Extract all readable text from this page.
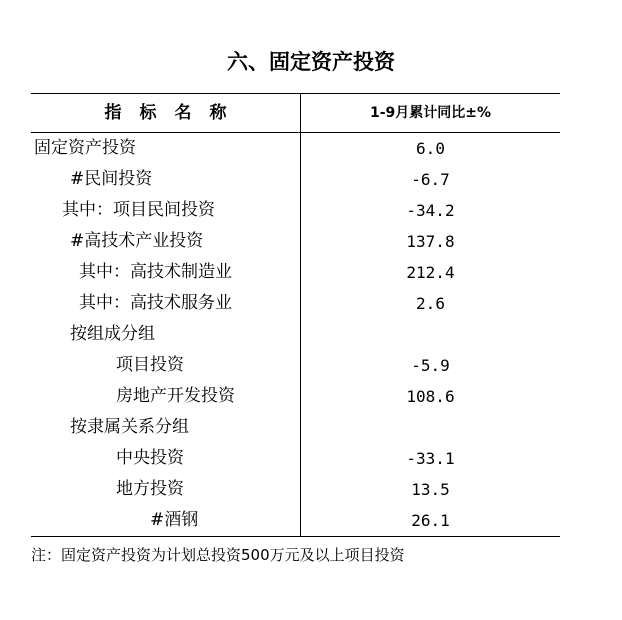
六、固定资产投资
指标名称	1-9月累计同比±%
固定资产投资	6.0
#民间投资	-6.7
其中：项目民间投资	-34.2
#高技术产业投资	137.8
其中：高技术制造业	212.4
其中：高技术服务业	2.6
按组成分组
项目投资	-5.9
房地产开发投资	108.6
按隶属关系分组
中央投资	-33.1
地方投资	13.5
#酒钢	26.1
注：固定资产投资为计划总投资500万元及以上项目投资
